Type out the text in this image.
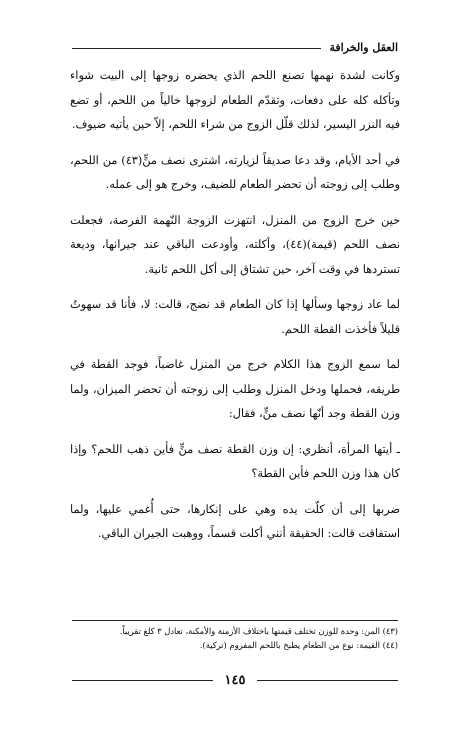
العقل والخرافة

وكانت لشدة نهمها تصنع اللحم الذي يحضره زوجها إلى البيت شواء وتأكله كله على دفعات، وتقدّم الطعام لزوجها خالياً من اللحم، أو تضع فيه النزر اليسير، لذلك قلّل الزوج من شراء اللحم، إلاّ حين يأتيه ضيوف.

في أحد الأيام، وقد دعا صديقاً لزيارته، اشترى نصف منٍّ(٤٣) من اللحم، وطلب إلى زوجته أن تحضر الطعام للضيف، وخرج هو إلى عمله.

حين خرج الزوج من المنزل، انتهزت الزوجة النّهمة الفرصة، فجعلت نصف اللحم (قيمة)(٤٤)، وأكلته، وأودعت الباقي عند جيرانها، وديعة تستردها في وقت آخر، حين تشتاق إلى أكل اللحم ثانية.

لما عاد زوجها وسألها إذا كان الطعام قد نضج، قالت: لا، فأنا قد سهوتُ قليلاً فأخذت القطة اللحم.

لما سمع الزوج هذا الكلام خرج من المنزل غاضباً، فوجد القطة في طريقه، فحملها ودخل المنزل وطلب إلى زوجته أن تحضر الميزان، ولما وزن القطة وجد أنّها نصف منٍّ، فقال:

ـ أيتها المرأة، أنظري: إن وزن القطة نصف منٍّ فأين ذهب اللحم؟ وإذا كان هذا وزن اللحم فأين القطة؟

ضربها إلى أن كلّت يده وهي على إنكارها، حتى أُغمي عليها، ولما استفاقت قالت: الحقيقة أنني أكلت قسماً، ووهبت الجيران الباقي.

(٤٣) المن: وحدة للوزن تختلف قيمتها باختلاف الأزمنة والأمكنة، تعادل ٣ كلغ تقريباً.

(٤٤) القيمة: نوع من الطعام يطبخ باللحم المفروم (تركية).

١٤٥
